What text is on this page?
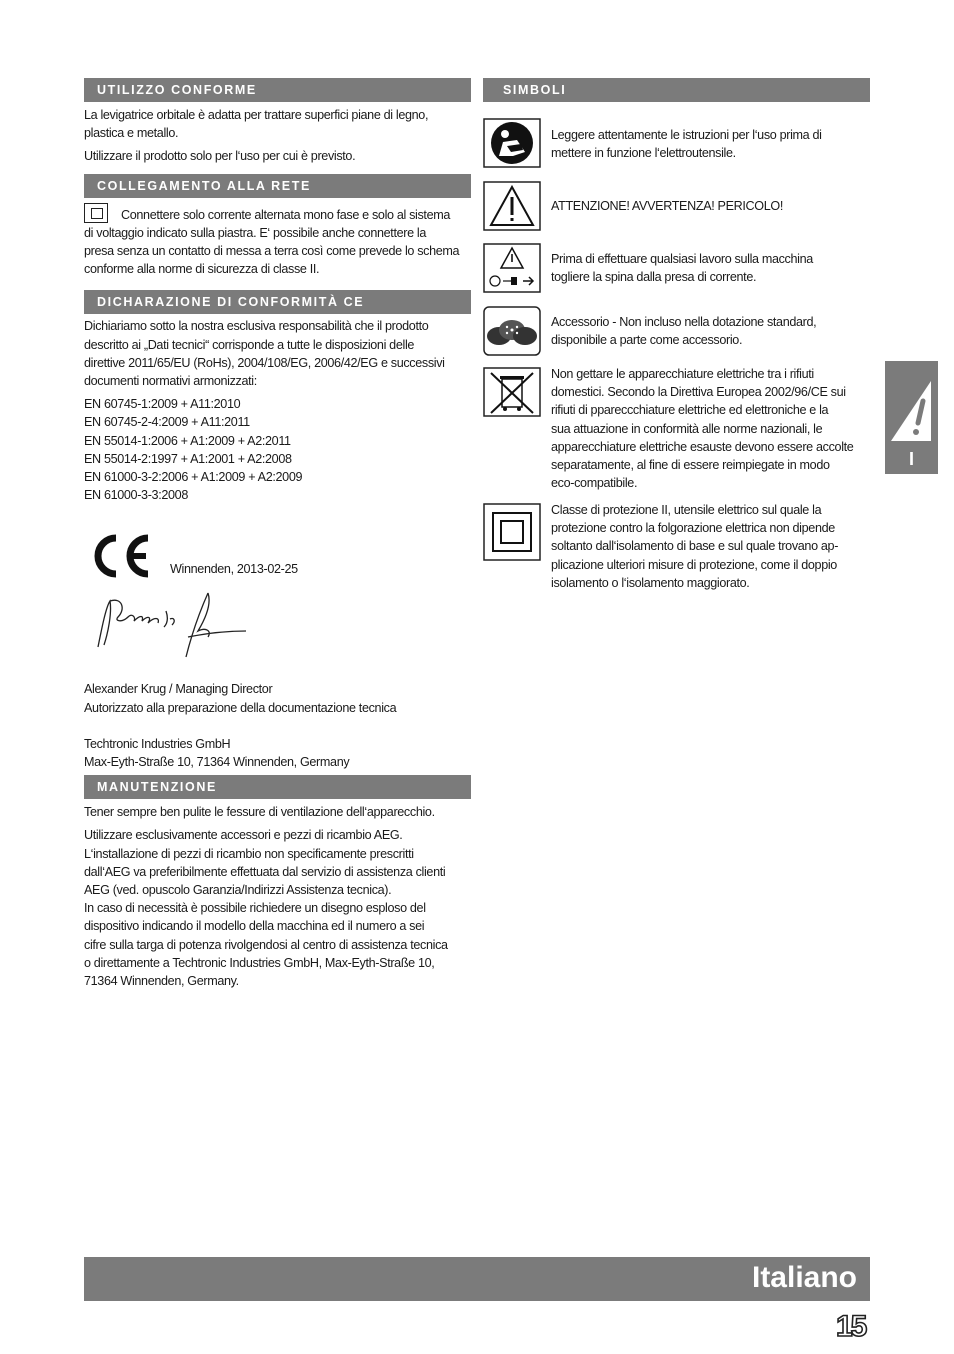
UTILIZZO CONFORME
La levigatrice orbitale è adatta per trattare superfici piane di legno,
plastica e metallo.
Utilizzare il prodotto solo per l‘uso per cui è previsto.
COLLEGAMENTO ALLA RETE
Connettere solo corrente alternata mono fase e solo al sistema
di voltaggio indicato sulla piastra. E‘ possibile anche connettere la
presa senza un contatto di messa a terra così come prevede lo schema
conforme alla norme di sicurezza di classe II.
DICHARAZIONE DI CONFORMITÀ CE
Dichiariamo sotto la nostra esclusiva responsabilità che il prodotto
descritto ai „Dati tecnici“ corrisponde a tutte le disposizioni delle
direttive 2011/65/EU (RoHs), 2004/108/EG, 2006/42/EG e successivi
documenti normativi armonizzati:
EN 60745-1:2009 + A11:2010
EN 60745-2-4:2009 + A11:2011
EN 55014-1:2006 + A1:2009 + A2:2011
EN 55014-2:1997 + A1:2001 + A2:2008
EN 61000-3-2:2006 + A1:2009 + A2:2009
EN 61000-3-3:2008
Winnenden, 2013-02-25
Alexander Krug / Managing Director
Autorizzato alla preparazione della documentazione tecnica
Techtronic Industries GmbH
Max-Eyth-Straße 10, 71364 Winnenden, Germany
MANUTENZIONE
Tener sempre ben pulite le fessure di ventilazione dell‘apparecchio.
Utilizzare esclusivamente accessori e pezzi di ricambio AEG.
L‘installazione di pezzi di ricambio non specificamente prescritti
dall‘AEG va preferibilmente effettuata dal servizio di assistenza clienti
AEG (ved. opuscolo Garanzia/Indirizzi Assistenza tecnica).
In caso di necessità è possibile richiedere un disegno esploso del
dispositivo indicando il modello della macchina ed il numero a sei
cifre sulla targa di potenza rivolgendosi al centro di assistenza tecnica
o direttamente a Techtronic Industries GmbH, Max-Eyth-Straße 10,
71364 Winnenden, Germany.
SIMBOLI
Leggere attentamente le istruzioni per l‘uso prima di
mettere in funzione l‘elettroutensile.
ATTENZIONE! AVVERTENZA! PERICOLO!
Prima di effettuare qualsiasi lavoro sulla macchina
togliere la spina dalla presa di corrente.
Accessorio - Non incluso nella dotazione standard,
disponibile a parte come accessorio.
Non gettare le apparecchiature elettriche tra i rifiuti
domestici. Secondo la Direttiva Europea 2002/96/CE sui
rifiuti di ppareccchiature elettriche ed elettroniche e la
sua attuazione in conformità alle norme nazionali, le
apparecchiature elettriche esauste devono essere accolte
separatamente, al fine di essere reimpiegate in modo
eco-compatibile.
Classe di protezione II, utensile elettrico sul quale la
protezione contro la folgorazione elettrica non dipende
soltanto dall‘isolamento di base e sul quale trovano ap-
plicazione ulteriori misure di protezione, come il doppio
isolamento o l‘isolamento maggiorato.
I
Italiano
15
